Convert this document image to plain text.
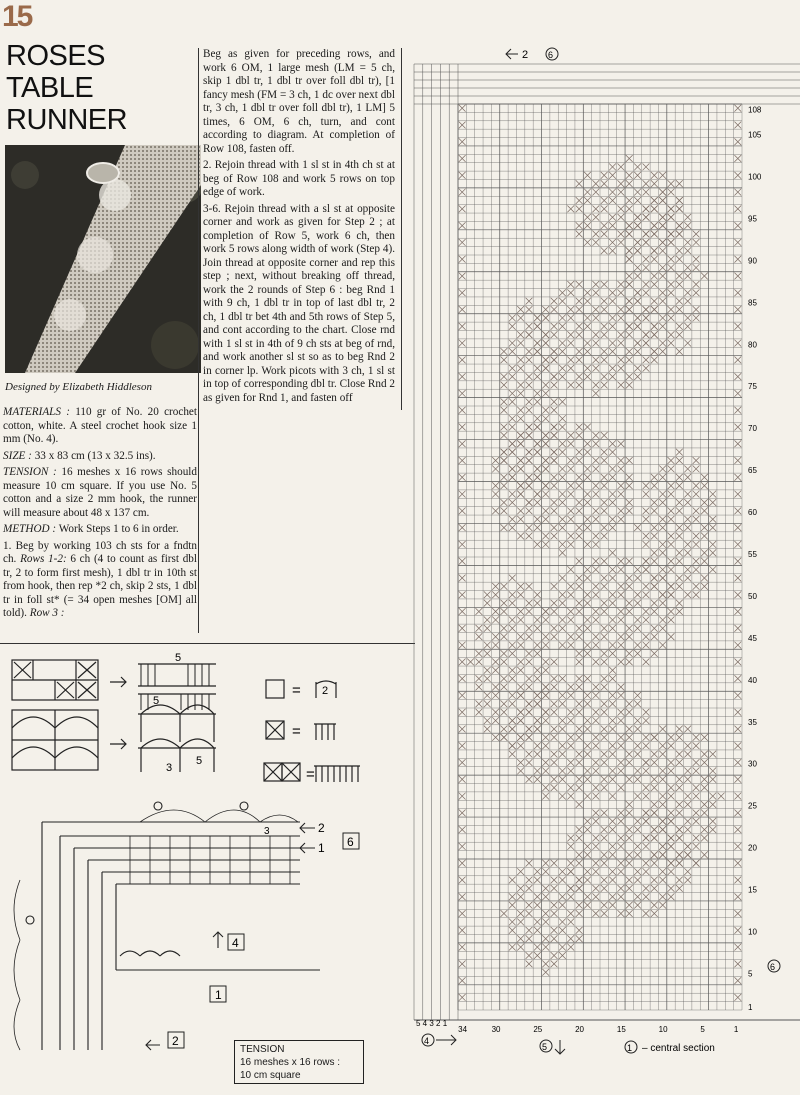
15
ROSES
TABLE
RUNNER
Designed by Elizabeth Hiddleson

MATERIALS : 110 gr of No. 20 crochet cotton, white. A steel crochet hook size 1 mm (No. 4).

SIZE : 33 x 83 cm (13 x 32.5 ins).

TENSION : 16 meshes x 16 rows should measure 10 cm square. If you use No. 5 cotton and a size 2 mm hook, the runner will measure about 48 x 137 cm.

METHOD : Work Steps 1 to 6 in order.

1. Beg by working 103 ch sts for a fndtn ch. Rows 1-2: 6 ch (4 to count as first dbl tr, 2 to form first mesh), 1 dbl tr in 10th st from hook, then rep *2 ch, skip 2 sts, 1 dbl tr in foll st* (= 34 open meshes [OM] all told). Row 3 :

Beg as given for preceding rows, and work 6 OM, 1 large mesh (LM = 5 ch, skip 1 dbl tr, 1 dbl tr over foll dbl tr), [1 fancy mesh (FM = 3 ch, 1 dc over next dbl tr, 3 ch, 1 dbl tr over foll dbl tr), 1 LM] 5 times, 6 OM, 6 ch, turn, and cont according to diagram. At completion of Row 108, fasten off.

2. Rejoin thread with 1 sl st in 4th ch st at beg of Row 108 and work 5 rows on top edge of work.

3-6. Rejoin thread with a sl st at opposite corner and work as given for Step 2 ; at completion of Row 5, work 6 ch, then work 5 rows along width of work (Step 4). Join thread at opposite corner and rep this step ; next, without breaking off thread, work the 2 rounds of Step 6 : beg Rnd 1 with 9 ch, 1 dbl tr in top of last dbl tr, 2 ch, 1 dbl tr bet 4th and 5th rows of Step 5, and cont according to the chart. Close rnd with 1 sl st in 4th of 9 ch sts at beg of rnd, and work another sl st so as to beg Rnd 2 in corner lp. Work picots with 3 ch, 1 sl st in top of corresponding dbl tr. Close Rnd 2 as given for Rnd 1, and fasten off

5
5
3
5
=
=
=
2
2
1 6
4
1
2
3
TENSION
16 meshes x 16 rows :
10 cm square
108
105
100
95
90
85
80
75
70
65
60
55
50
45
40
35
30
25
20
15
10
5
1
34	30	25	20	15	10	5	1
5 4 3 2 1
2 6
6
4
5	1 – central section
